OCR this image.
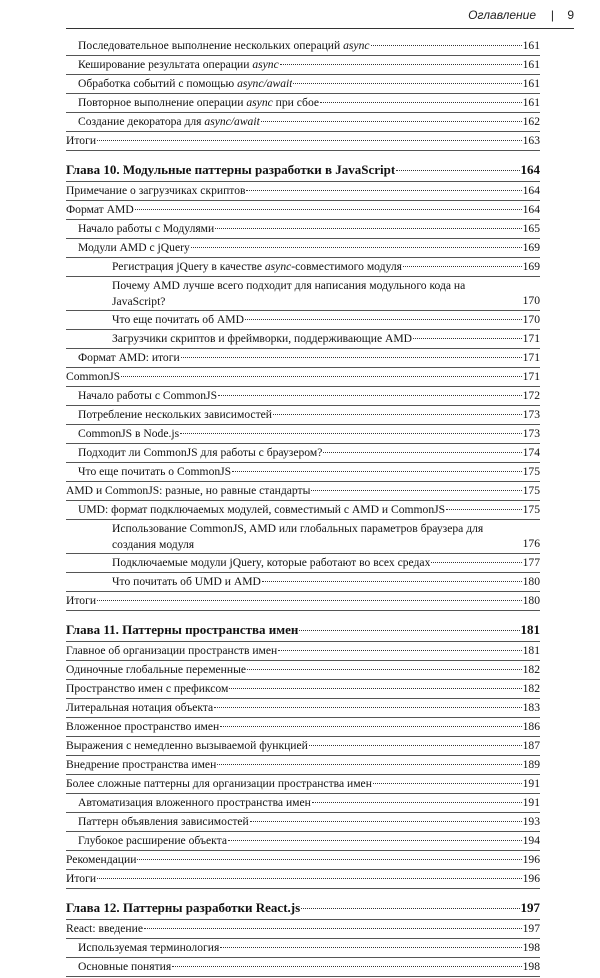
Оглавление | 9
Последовательное выполнение нескольких операций async	161
Кеширование результата операции async	161
Обработка событий с помощью async/await	161
Повторное выполнение операции async при сбое	161
Создание декоратора для async/await	162
Итоги	163
Глава 10. Модульные паттерны разработки в JavaScript	164
Примечание о загрузчиках скриптов	164
Формат AMD	164
Начало работы с Модулями	165
Модули AMD с jQuery	169
Регистрация jQuery в качестве async-совместимого модуля	169
Почему AMD лучше всего подходит для написания модульного кода на JavaScript?	170
Что еще почитать об AMD	170
Загрузчики скриптов и фреймворки, поддерживающие AMD	171
Формат AMD: итоги	171
CommonJS	171
Начало работы с CommonJS	172
Потребление нескольких зависимостей	173
CommonJS в Node.js	173
Подходит ли CommonJS для работы с браузером?	174
Что еще почитать о CommonJS	175
AMD и CommonJS: разные, но равные стандарты	175
UMD: формат подключаемых модулей, совместимый с AMD и CommonJS	175
Использование CommonJS, AMD или глобальных параметров браузера для создания модуля	176
Подключаемые модули jQuery, которые работают во всех средах	177
Что почитать об UMD и AMD	180
Итоги	180
Глава 11. Паттерны пространства имен	181
Главное об организации пространств имен	181
Одиночные глобальные переменные	182
Пространство имен с префиксом	182
Литеральная нотация объекта	183
Вложенное пространство имен	186
Выражения с немедленно вызываемой функцией	187
Внедрение пространства имен	189
Более сложные паттерны для организации пространства имен	191
Автоматизация вложенного пространства имен	191
Паттерн объявления зависимостей	193
Глубокое расширение объекта	194
Рекомендации	196
Итоги	196
Глава 12. Паттерны разработки React.js	197
React: введение	197
Используемая терминология	198
Основные понятия	198
